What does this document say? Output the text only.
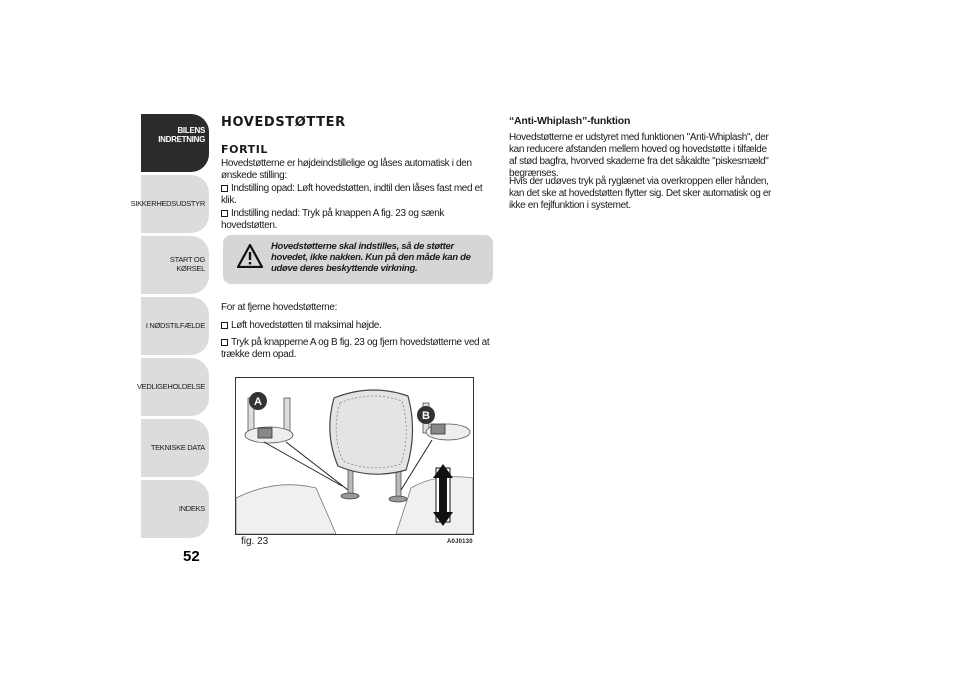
BILENS
INDRETNING
SIKKERHEDSUDSTYR
START OG KØRSEL
I NØDSTILFÆLDE
VEDLIGEHOLDELSE
TEKNISKE DATA
INDEKS
52
HOVEDSTØTTER
FORTIL
Hovedstøtterne er højdeindstillelige og låses automatisk i den ønskede stilling:
Indstilling opad: Løft hovedstøtten, indtil den låses fast med et klik.
Indstilling nedad: Tryk på knappen A fig. 23 og sænk hovedstøtten.
Hovedstøtterne skal indstilles, så de støtter hovedet, ikke nakken. Kun på den måde kan de udøve deres beskyttende virkning.
For at fjerne hovedstøtterne:
Løft hovedstøtten til maksimal højde.
Tryk på knapperne A og B fig. 23 og fjern hovedstøtterne ved at trække dem opad.
A
B
fig. 23	A0J0130
“Anti-Whiplash”-funktion
Hovedstøtterne er udstyret med funktionen "Anti-Whiplash", der kan reducere afstanden mellem hoved og hovedstøtte i tilfælde af stød bagfra, hvorved skaderne fra det såkaldte "piskesmæld" begrænses.
Hvis der udøves tryk på ryglænet via overkroppen eller hånden, kan det ske at hovedstøtten flytter sig. Det sker automatisk og er ikke en fejlfunktion i systemet.
